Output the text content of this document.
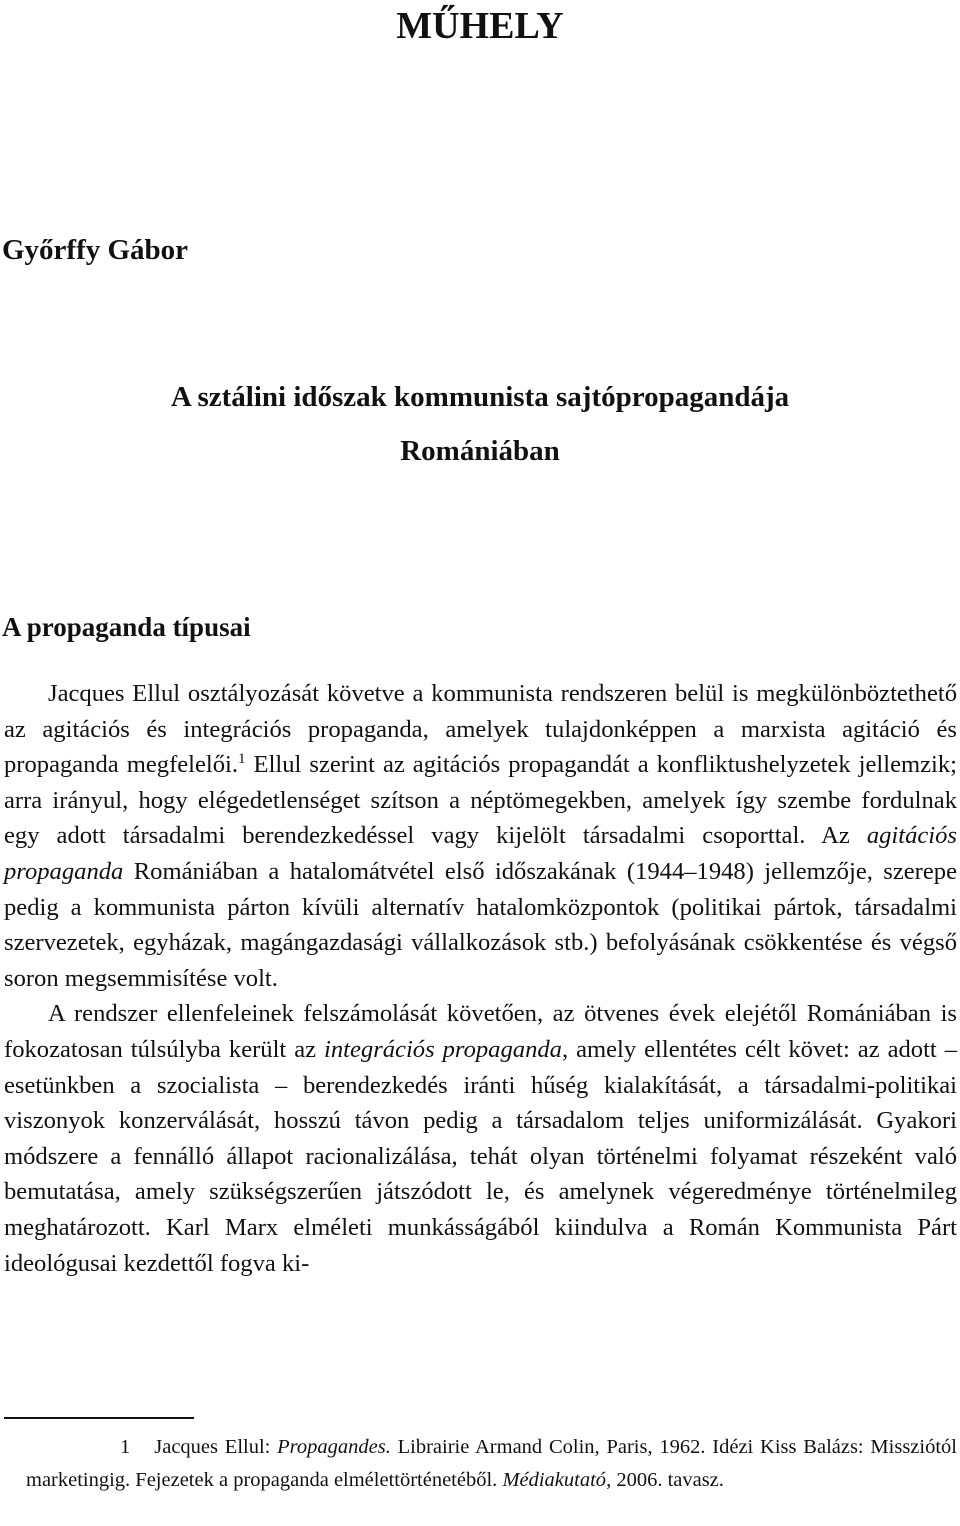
MŰHELY
Győrffy Gábor
A sztálini időszak kommunista sajtópropagandája
Romániában
A propaganda típusai

Jacques Ellul osztályozását követve a kommunista rendszeren belül is megkülönböztethető az agitációs és integrációs propaganda, amelyek tulajdonképpen a marxista agitáció és propaganda megfelelői.$^1$ Ellul szerint az agitációs propagandát a konfliktushelyzetek jellemzik; arra irányul, hogy elégedetlenséget szítson a néptömegekben, amelyek így szembe fordulnak egy adott társadalmi berendezkedéssel vagy kijelölt társadalmi csoporttal. Az agitációs propaganda Romániában a hatalomátvétel első időszakának (1944–1948) jellemzője, szerepe pedig a kommunista párton kívüli alternatív hatalomközpontok (politikai pártok, társadalmi szervezetek, egyházak, magángazdasági vállalkozások stb.) befolyásának csökkentése és végső soron megsemmisítése volt.

A rendszer ellenfeleinek felszámolását követően, az ötvenes évek elejétől Romániában is fokozatosan túlsúlyba került az integrációs propaganda, amely ellentétes célt követ: az adott – esetünkben a szocialista – berendezkedés iránti hűség kialakítását, a társadalmi-politikai viszonyok konzerválását, hosszú távon pedig a társadalom teljes uniformizálását. Gyakori módszere a fennálló állapot racionalizálása, tehát olyan történelmi folyamat részeként való bemutatása, amely szükségszerűen játszódott le, és amelynek végeredménye történelmileg meghatározott. Karl Marx elméleti munkásságából kiindulva a Román Kommunista Párt ideológusai kezdettől fogva ki-

1 Jacques Ellul: Propagandes. Librairie Armand Colin, Paris, 1962. Idézi Kiss Balázs: Missziótól marketingig. Fejezetek a propaganda elmélettörténetéből. Médiakutató, 2006. tavasz.
